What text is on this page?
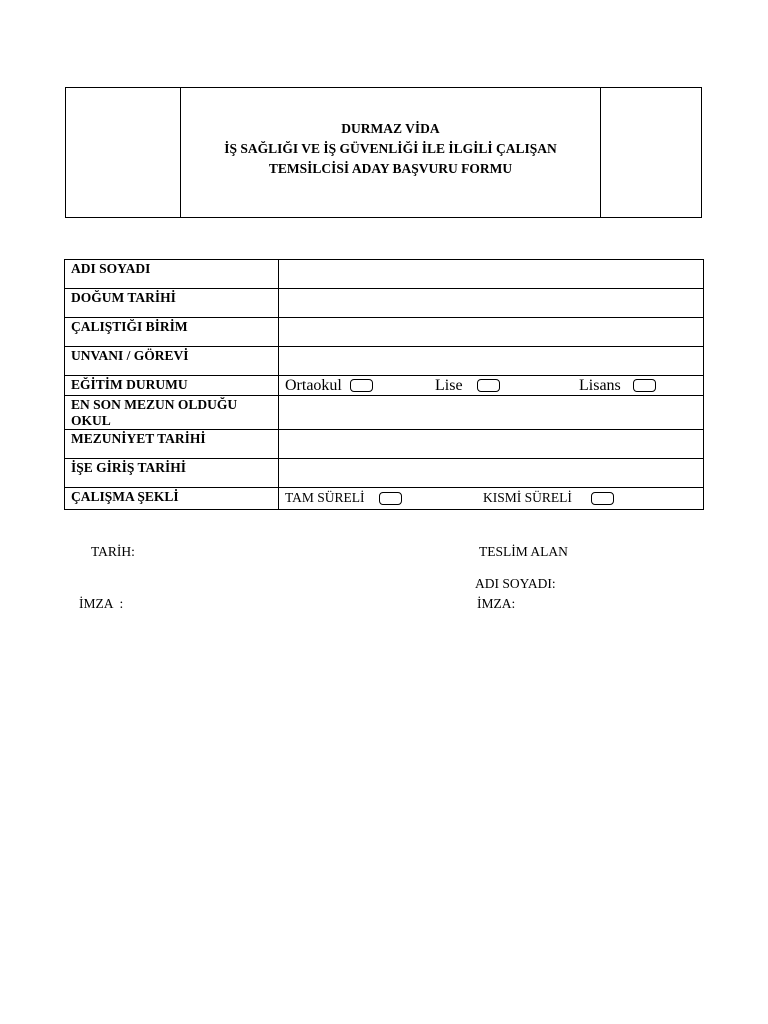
DURMAZ VİDA
İŞ SAĞLIĞI VE İŞ GÜVENLİĞİ İLE İLGİLİ ÇALIŞAN
TEMSİLCİSİ ADAY BAŞVURU FORMU
ADI SOYADI	
DOĞUM TARİHİ	
ÇALIŞTIĞI BİRİM	
UNVANI / GÖREVİ	
EĞİTİM DURUMU	Ortaokul Lise Lisans

EN SON MEZUN OLDUĞU OKUL	
MEZUNİYET TARİHİ	
İŞE GİRİŞ TARİHİ	
ÇALIŞMA ŞEKLİ	TAM SÜRELİ KISMİ SÜRELİ
TARİH:
İMZA  :
TESLİM ALAN
ADI SOYADI:
İMZA:
